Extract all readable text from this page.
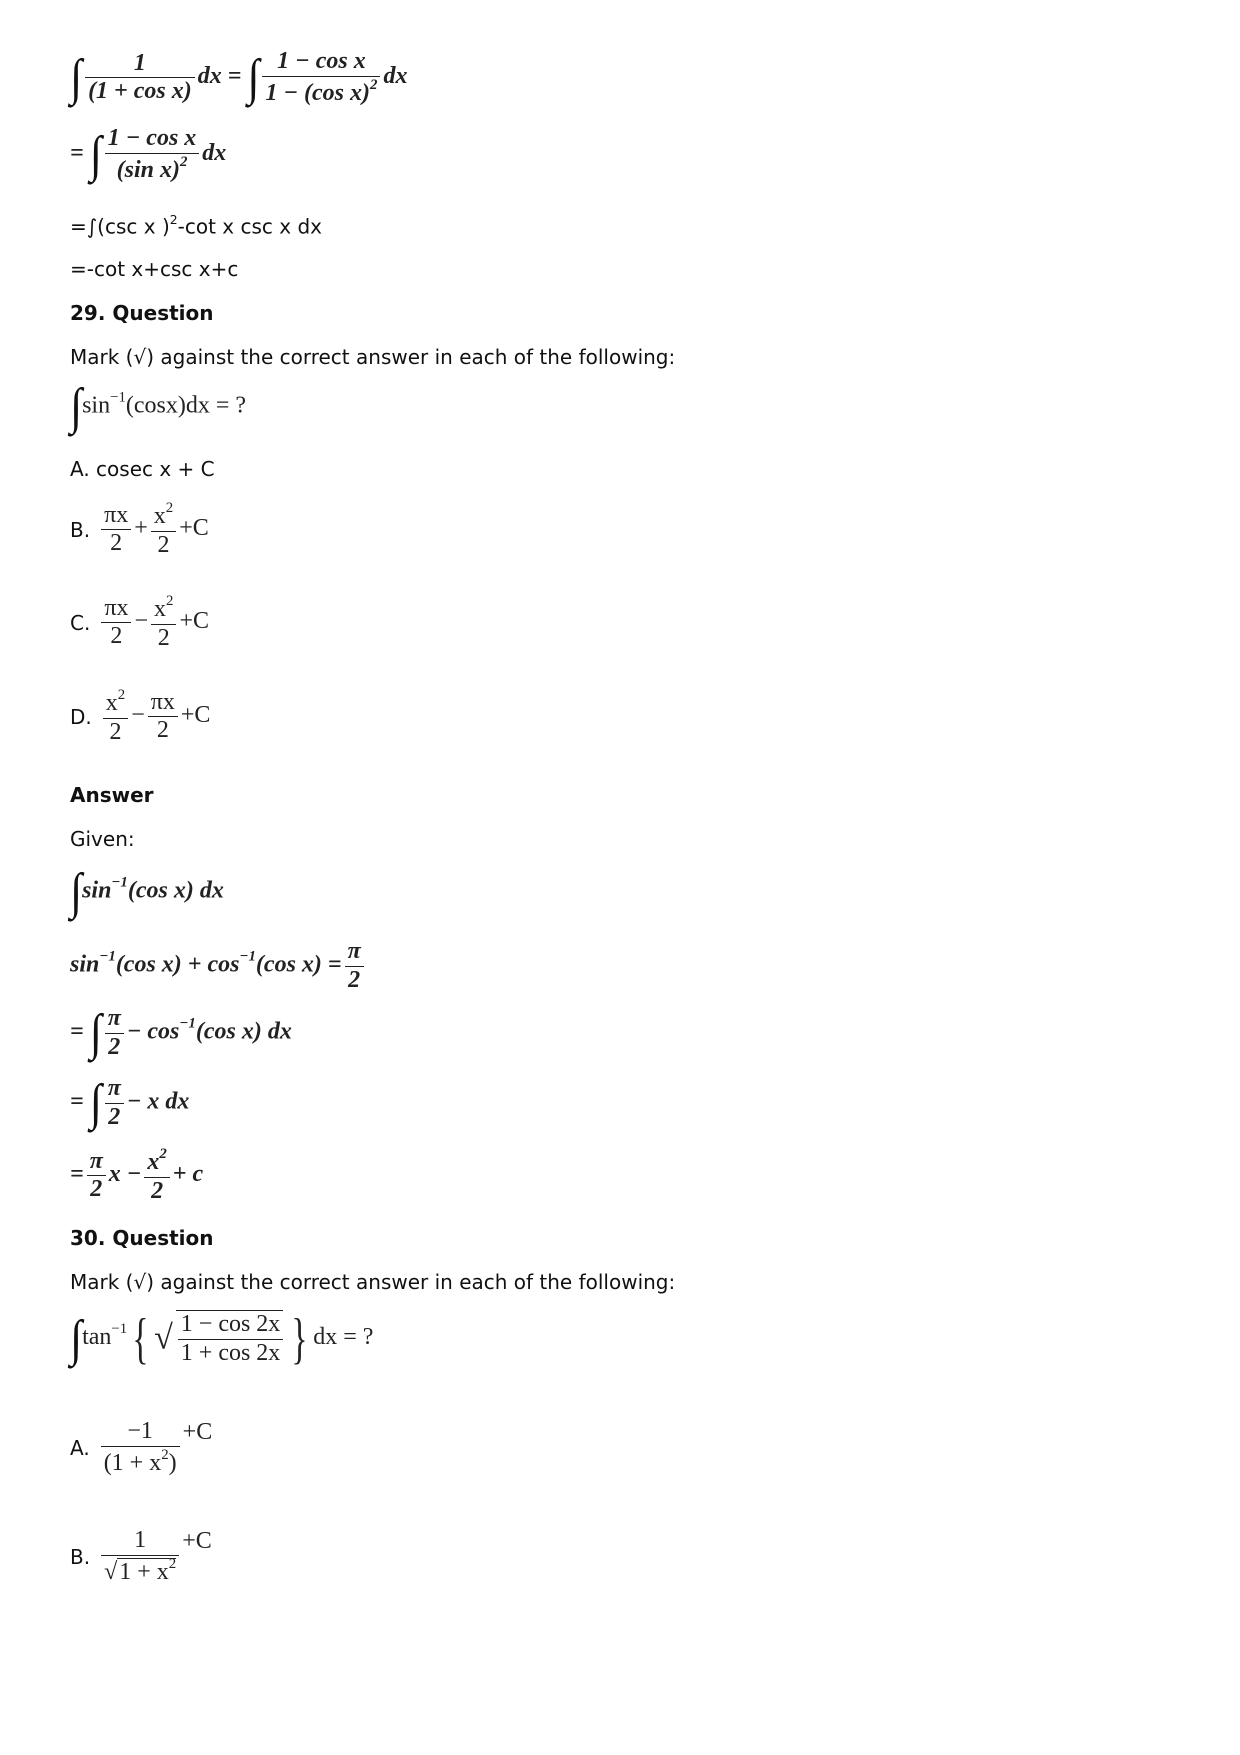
∫ $\frac{1}{\text{(1 + cos x)}}$ dx = ∫ $\frac{\text{1 − cos x}}{1 - (\cos x)^2}$ dx
= ∫ $\frac{\text{1 − cos x}}{(\sin x)^2}$ dx
=∫(csc x )$^2$-cot x csc x dx
=-cot x+csc x+c
29. Question
Mark (√) against the correct answer in each of the following:
$\int\sin^{-1}(\cos x)dx$ = ?
A. cosec x + C
B. $\frac{\pi x}{2} + \frac{x^2}{2} +C$
C. $\frac{\pi x}{2} - \frac{x^2}{2} +C$
D. $\frac{x^2}{2} - \frac{\pi x}{2} +C$
Answer
Given:
$\int\sin^{-1}(\cos$ x) dx
$\sin^{-1}(\cos$ $x) + \cos^{-1}(\cos$ $x) = \frac{\pi}{2}$
= ∫ $\frac{\pi}{2} - \cos^{-1}(\cos$ x) dx
= ∫ $\frac{\pi}{2} - x$ dx
= $\frac{\pi}{2}$ $x - \frac{x^2}{2} + c$
30. Question
Mark (√) against the correct answer in each of the following:
$\int\tan^{-1}${ √ $\frac{1 - \cos 2x}{1 + \cos 2x}$ } dx = ?
A. $\frac{-1}{(1 + x^2)} +C$
B. $\frac{1}{√1 + x^2} +C$
